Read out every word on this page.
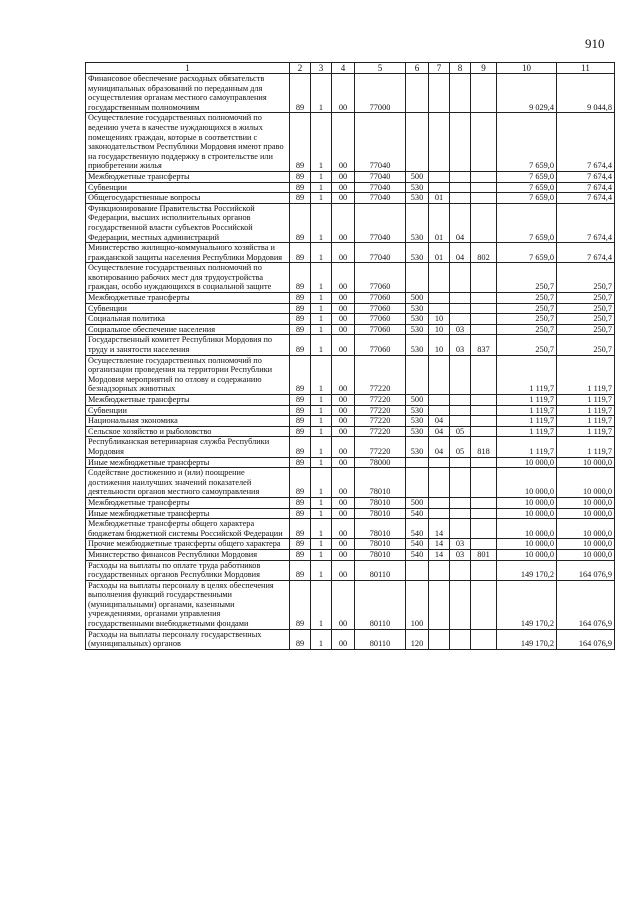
910
1	2	3	4	5	6	7	8	9	10	11
Финансовое обеспечение расходных обязательств муниципальных образований по переданным для осуществления органам местного самоуправления государственным полномочиям	89	1	00	77000					9 029,4	9 044,8
Осуществление государственных полномочий по ведению учета в качестве нуждающихся в жилых помещениях граждан, которые в соответствии с законодательством Республики Мордовия имеют право на государственную поддержку в строительстве или приобретении жилья	89	1	00	77040					7 659,0	7 674,4
Межбюджетные трансферты	89	1	00	77040	500				7 659,0	7 674,4
Субвенции	89	1	00	77040	530				7 659,0	7 674,4
Общегосударственные вопросы	89	1	00	77040	530	01			7 659,0	7 674,4
Функционирование Правительства Российской Федерации, высших исполнительных органов государственной власти субъектов Российской Федерации, местных администраций	89	1	00	77040	530	01	04		7 659,0	7 674,4
Министерство жилищно-коммунального хозяйства и гражданской защиты населения Республики Мордовия	89	1	00	77040	530	01	04	802	7 659,0	7 674,4
Осуществление государственных полномочий по квотированию рабочих мест для трудоустройства граждан, особо нуждающихся в социальной защите	89	1	00	77060					250,7	250,7
Межбюджетные трансферты	89	1	00	77060	500				250,7	250,7
Субвенции	89	1	00	77060	530				250,7	250,7
Социальная политика	89	1	00	77060	530	10			250,7	250,7
Социальное обеспечение населения	89	1	00	77060	530	10	03		250,7	250,7
Государственный комитет Республики Мордовия по труду и занятости населения	89	1	00	77060	530	10	03	837	250,7	250,7
Осуществление государственных полномочий по организации проведения на территории Республики Мордовия мероприятий по отлову и содержанию безнадзорных животных	89	1	00	77220					1 119,7	1 119,7
Межбюджетные трансферты	89	1	00	77220	500				1 119,7	1 119,7
Субвенции	89	1	00	77220	530				1 119,7	1 119,7
Национальная экономика	89	1	00	77220	530	04			1 119,7	1 119,7
Сельское хозяйство и рыболовство	89	1	00	77220	530	04	05		1 119,7	1 119,7
Республиканская ветеринарная служба Республики Мордовия	89	1	00	77220	530	04	05	818	1 119,7	1 119,7
Иные межбюджетные трансферты	89	1	00	78000					10 000,0	10 000,0
Содействие достижению и (или) поощрение достижения наилучших значений показателей деятельности органов местного самоуправления	89	1	00	78010					10 000,0	10 000,0
Межбюджетные трансферты	89	1	00	78010	500				10 000,0	10 000,0
Иные межбюджетные трансферты	89	1	00	78010	540				10 000,0	10 000,0
Межбюджетные трансферты общего характера бюджетам бюджетной системы Российской Федерации	89	1	00	78010	540	14			10 000,0	10 000,0
Прочие межбюджетные трансферты общего характера	89	1	00	78010	540	14	03		10 000,0	10 000,0
Министерство финансов Республики Мордовия	89	1	00	78010	540	14	03	801	10 000,0	10 000,0
Расходы на выплаты по оплате труда работников государственных органов Республики Мордовия	89	1	00	80110					149 170,2	164 076,9
Расходы на выплаты персоналу в целях обеспечения выполнения функций государственными (муниципальными) органами, казенными учреждениями, органами управления государственными внебюджетными фондами	89	1	00	80110	100				149 170,2	164 076,9
Расходы на выплаты персоналу государственных (муниципальных) органов	89	1	00	80110	120				149 170,2	164 076,9
